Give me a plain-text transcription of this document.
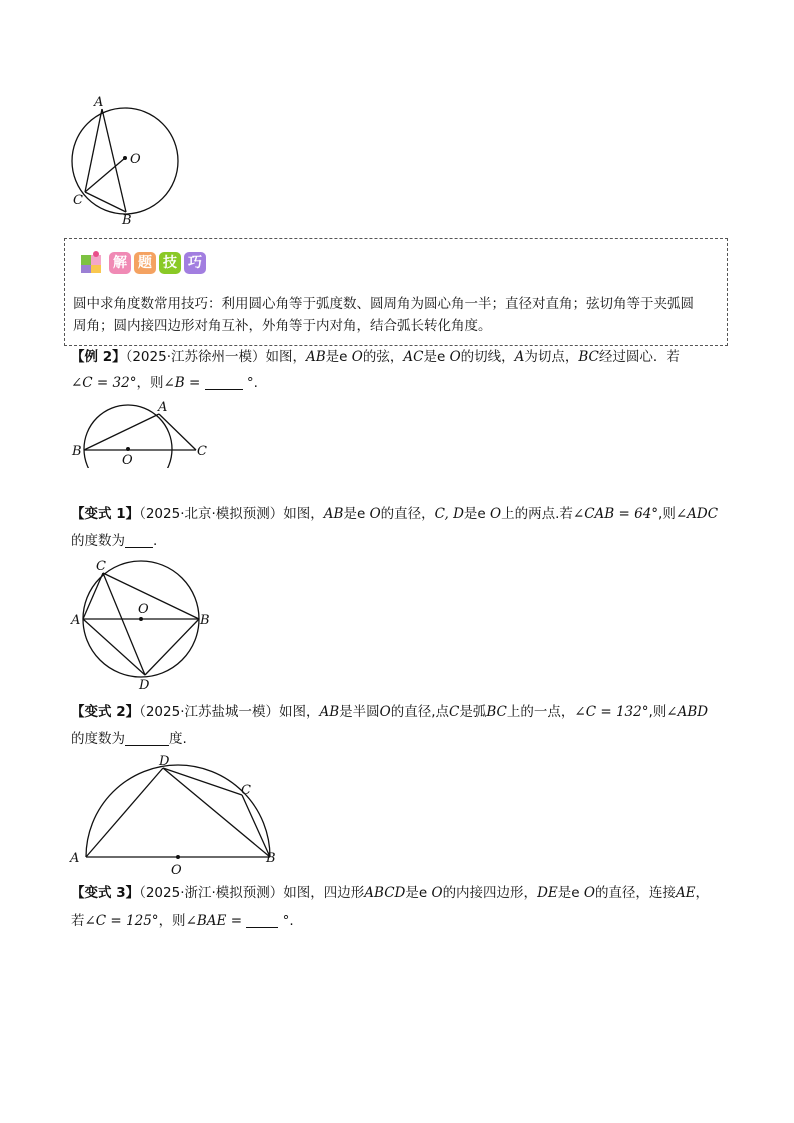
A
O
C
B
解 题 技 巧
圆中求角度数常用技巧：利用圆心角等于弧度数、圆周角为圆心角一半；直径对直角；弦切角等于夹弧圆
周角；圆内接四边形对角互补，外角等于内对角，结合弧长转化角度。
【例 2】（2025·江苏徐州一模）如图，AB是e O的弦，AC是e O的切线，A为切点，BC经过圆心．若
∠C = 32°，则∠B =	°.
A
B
O
C
【变式 1】（2025·北京·模拟预测）如图，AB是e O的直径，C, D是e O上的两点.若∠CAB = 64°,则∠ADC
的度数为 .
C
O
A	B
D
【变式 2】（2025·江苏盐城一模）如图，AB是半圆O的直径,点C是弧BC上的一点，∠C = 132°,则∠ABD
的度数为	度.
D
C
A
O
B
【变式 3】（2025·浙江·模拟预测）如图，四边形ABCD是e O的内接四边形，DE是e O的直径，连接AE，
若∠C = 125°，则∠BAE =	°.
